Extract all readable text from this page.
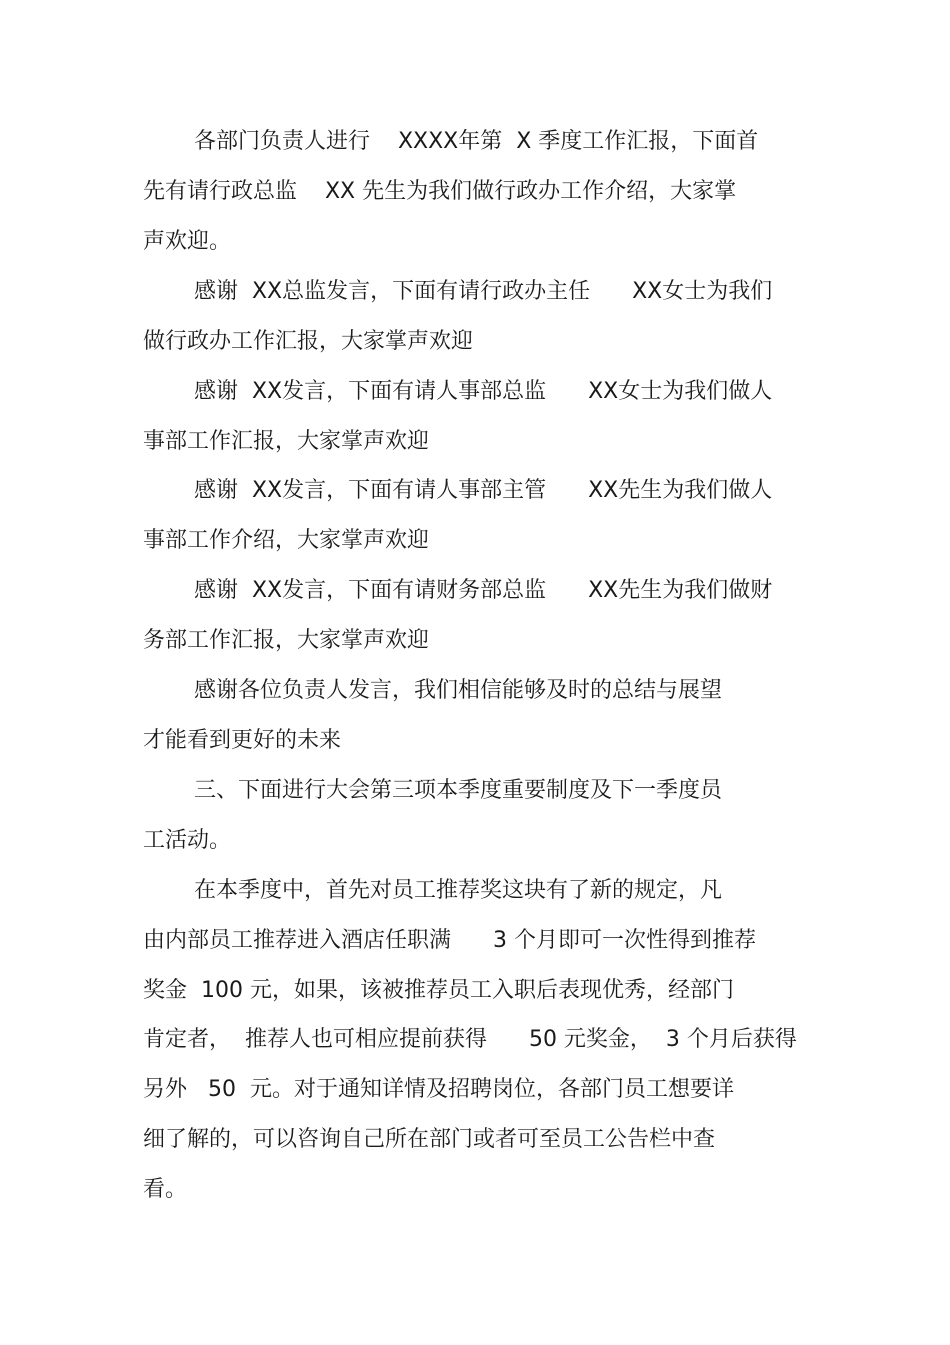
各部门负责人进行    XXXX年第  X 季度工作汇报，下面首
先有请行政总监    XX 先生为我们做行政办工作介绍，大家掌
声欢迎。
感谢  XX总监发言，下面有请行政办主任      XX女士为我们
做行政办工作汇报，大家掌声欢迎
感谢  XX发言，下面有请人事部总监      XX女士为我们做人
事部工作汇报，大家掌声欢迎
感谢  XX发言，下面有请人事部主管      XX先生为我们做人
事部工作介绍，大家掌声欢迎
感谢  XX发言，下面有请财务部总监      XX先生为我们做财
务部工作汇报，大家掌声欢迎
感谢各位负责人发言，我们相信能够及时的总结与展望
才能看到更好的未来
三、下面进行大会第三项本季度重要制度及下一季度员
工活动。
在本季度中，首先对员工推荐奖这块有了新的规定，凡
由内部员工推荐进入酒店任职满      3 个月即可一次性得到推荐
奖金  100 元，如果，该被推荐员工入职后表现优秀，经部门
肯定者，  推荐人也可相应提前获得      50 元奖金，  3 个月后获得
另外   50  元。对于通知详情及招聘岗位，各部门员工想要详
细了解的，可以咨询自己所在部门或者可至员工公告栏中查
看。
